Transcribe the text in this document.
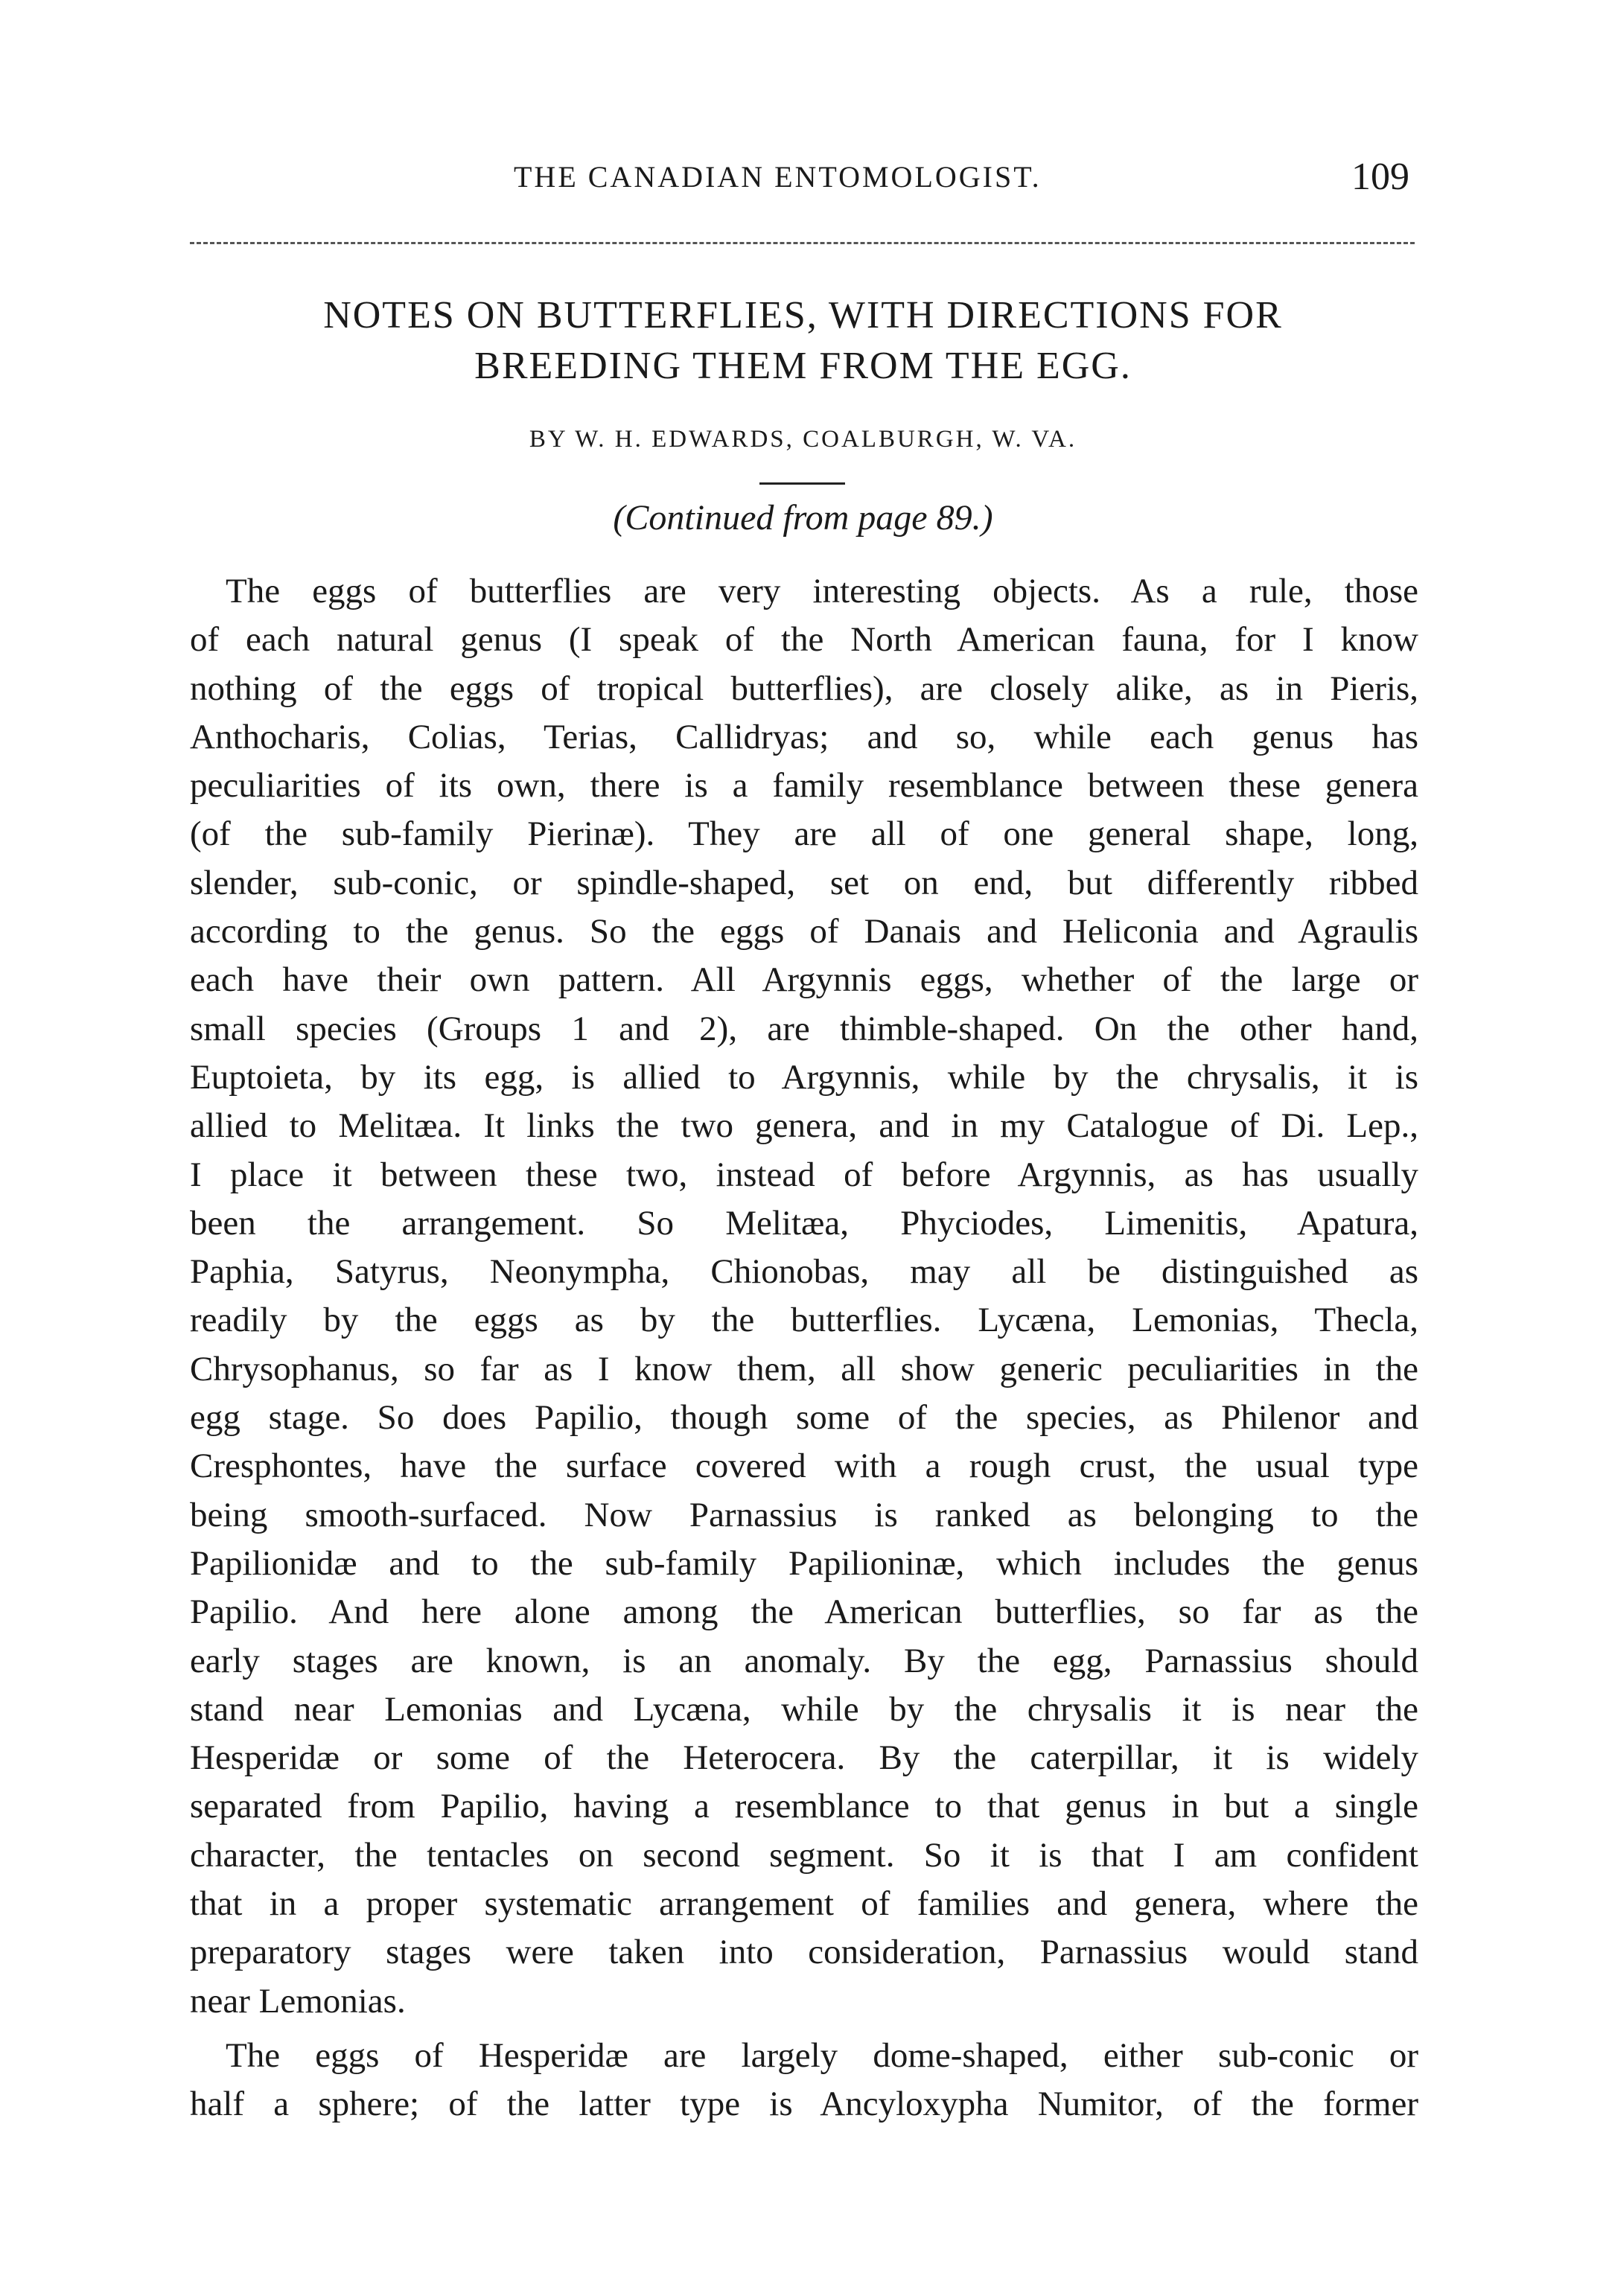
THE CANADIAN ENTOMOLOGIST.	109
NOTES ON BUTTERFLIES, WITH DIRECTIONS FOR
BREEDING THEM FROM THE EGG.
BY W. H. EDWARDS, COALBURGH, W. VA.
(Continued from page 89.)
The eggs of butterflies are very interesting objects. As a rule, those
of each natural genus (I speak of the North American fauna, for I know
nothing of the eggs of tropical butterflies), are closely alike, as in Pieris,
Anthocharis, Colias, Terias, Callidryas; and so, while each genus has
peculiarities of its own, there is a family resemblance between these genera
(of the sub-family Pierinæ). They are all of one general shape, long,
slender, sub-conic, or spindle-shaped, set on end, but differently ribbed
according to the genus. So the eggs of Danais and Heliconia and Agraulis
each have their own pattern. All Argynnis eggs, whether of the large or
small species (Groups 1 and 2), are thimble-shaped. On the other hand,
Euptoieta, by its egg, is allied to Argynnis, while by the chrysalis, it is
allied to Melitæa. It links the two genera, and in my Catalogue of Di. Lep.,
I place it between these two, instead of before Argynnis, as has usually
been the arrangement. So Melitæa, Phyciodes, Limenitis, Apatura,
Paphia, Satyrus, Neonympha, Chionobas, may all be distinguished as
readily by the eggs as by the butterflies. Lycæna, Lemonias, Thecla,
Chrysophanus, so far as I know them, all show generic peculiarities in the
egg stage. So does Papilio, though some of the species, as Philenor and
Cresphontes, have the surface covered with a rough crust, the usual type
being smooth-surfaced. Now Parnassius is ranked as belonging to the
Papilionidæ and to the sub-family Papilioninæ, which includes the genus
Papilio. And here alone among the American butterflies, so far as the
early stages are known, is an anomaly. By the egg, Parnassius should
stand near Lemonias and Lycæna, while by the chrysalis it is near the
Hesperidæ or some of the Heterocera. By the caterpillar, it is widely
separated from Papilio, having a resemblance to that genus in but a single
character, the tentacles on second segment. So it is that I am confident
that in a proper systematic arrangement of families and genera, where the
preparatory stages were taken into consideration, Parnassius would stand
near Lemonias.
The eggs of Hesperidæ are largely dome-shaped, either sub-conic or
half a sphere; of the latter type is Ancyloxypha Numitor, of the former
